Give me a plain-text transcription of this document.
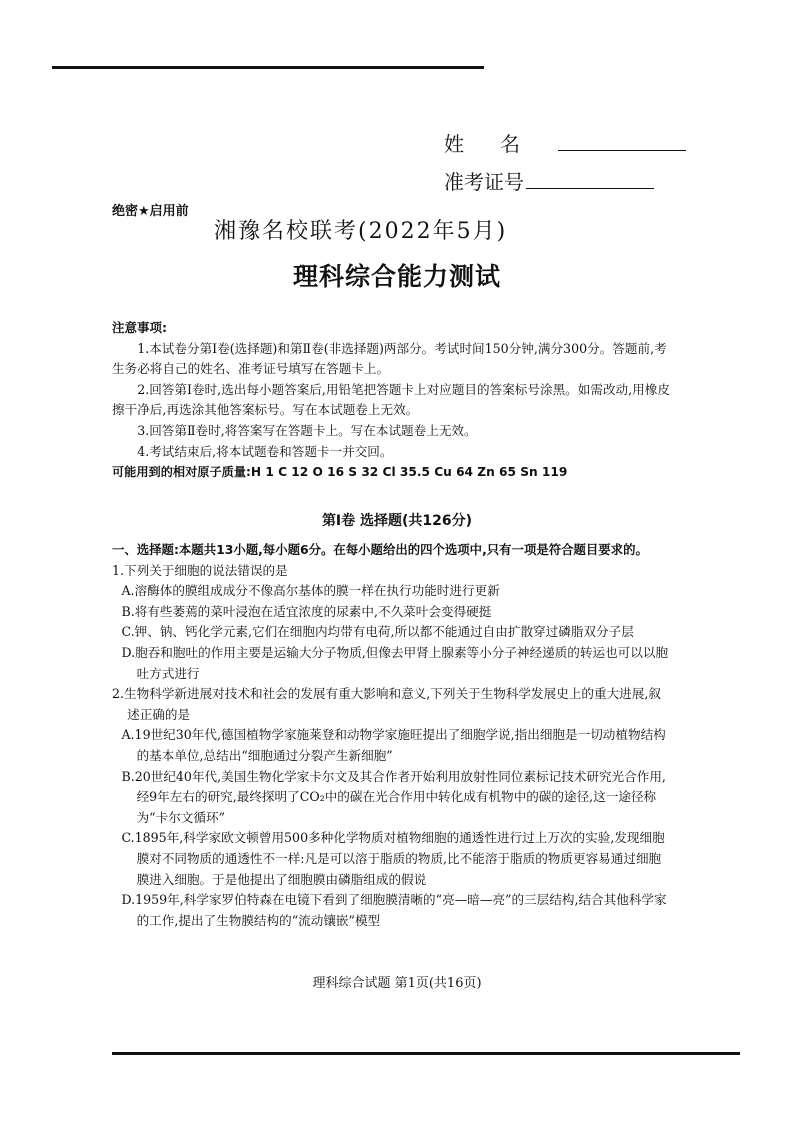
姓名
准考证号
绝密★启用前
湘豫名校联考(2022年5月)
理科综合能力测试
注意事项:
1.本试卷分第Ⅰ卷(选择题)和第Ⅱ卷(非选择题)两部分。考试时间150分钟,满分300分。答题前,考生务必将自己的姓名、准考证号填写在答题卡上。
2.回答第Ⅰ卷时,选出每小题答案后,用铅笔把答题卡上对应题目的答案标号涂黑。如需改动,用橡皮擦干净后,再选涂其他答案标号。写在本试题卷上无效。
3.回答第Ⅱ卷时,将答案写在答题卡上。写在本试题卷上无效。
4.考试结束后,将本试题卷和答题卡一并交回。
可能用到的相对原子质量:H 1 C 12 O 16 S 32 Cl 35.5 Cu 64 Zn 65 Sn 119
第Ⅰ卷 选择题(共126分)
一、选择题:本题共13小题,每小题6分。在每小题给出的四个选项中,只有一项是符合题目要求的。
1.下列关于细胞的说法错误的是
A.溶酶体的膜组成成分不像高尔基体的膜一样在执行功能时进行更新
B.将有些萎蔫的菜叶浸泡在适宜浓度的尿素中,不久菜叶会变得硬挺
C.钾、钠、钙化学元素,它们在细胞内均带有电荷,所以都不能通过自由扩散穿过磷脂双分子层
D.胞吞和胞吐的作用主要是运输大分子物质,但像去甲肾上腺素等小分子神经递质的转运也可以以胞吐方式进行
2.生物科学新进展对技术和社会的发展有重大影响和意义,下列关于生物科学发展史上的重大进展,叙述正确的是
A.19世纪30年代,德国植物学家施莱登和动物学家施旺提出了细胞学说,指出细胞是一切动植物结构的基本单位,总结出“细胞通过分裂产生新细胞”
B.20世纪40年代,美国生物化学家卡尔文及其合作者开始利用放射性同位素标记技术研究光合作用,经9年左右的研究,最终探明了CO₂中的碳在光合作用中转化成有机物中的碳的途径,这一途径称为“卡尔文循环”
C.1895年,科学家欧文顿曾用500多种化学物质对植物细胞的通透性进行过上万次的实验,发现细胞膜对不同物质的通透性不一样:凡是可以溶于脂质的物质,比不能溶于脂质的物质更容易通过细胞膜进入细胞。于是他提出了细胞膜由磷脂组成的假说
D.1959年,科学家罗伯特森在电镜下看到了细胞膜清晰的“亮—暗—亮”的三层结构,结合其他科学家的工作,提出了生物膜结构的“流动镶嵌”模型
理科综合试题 第1页(共16页)
